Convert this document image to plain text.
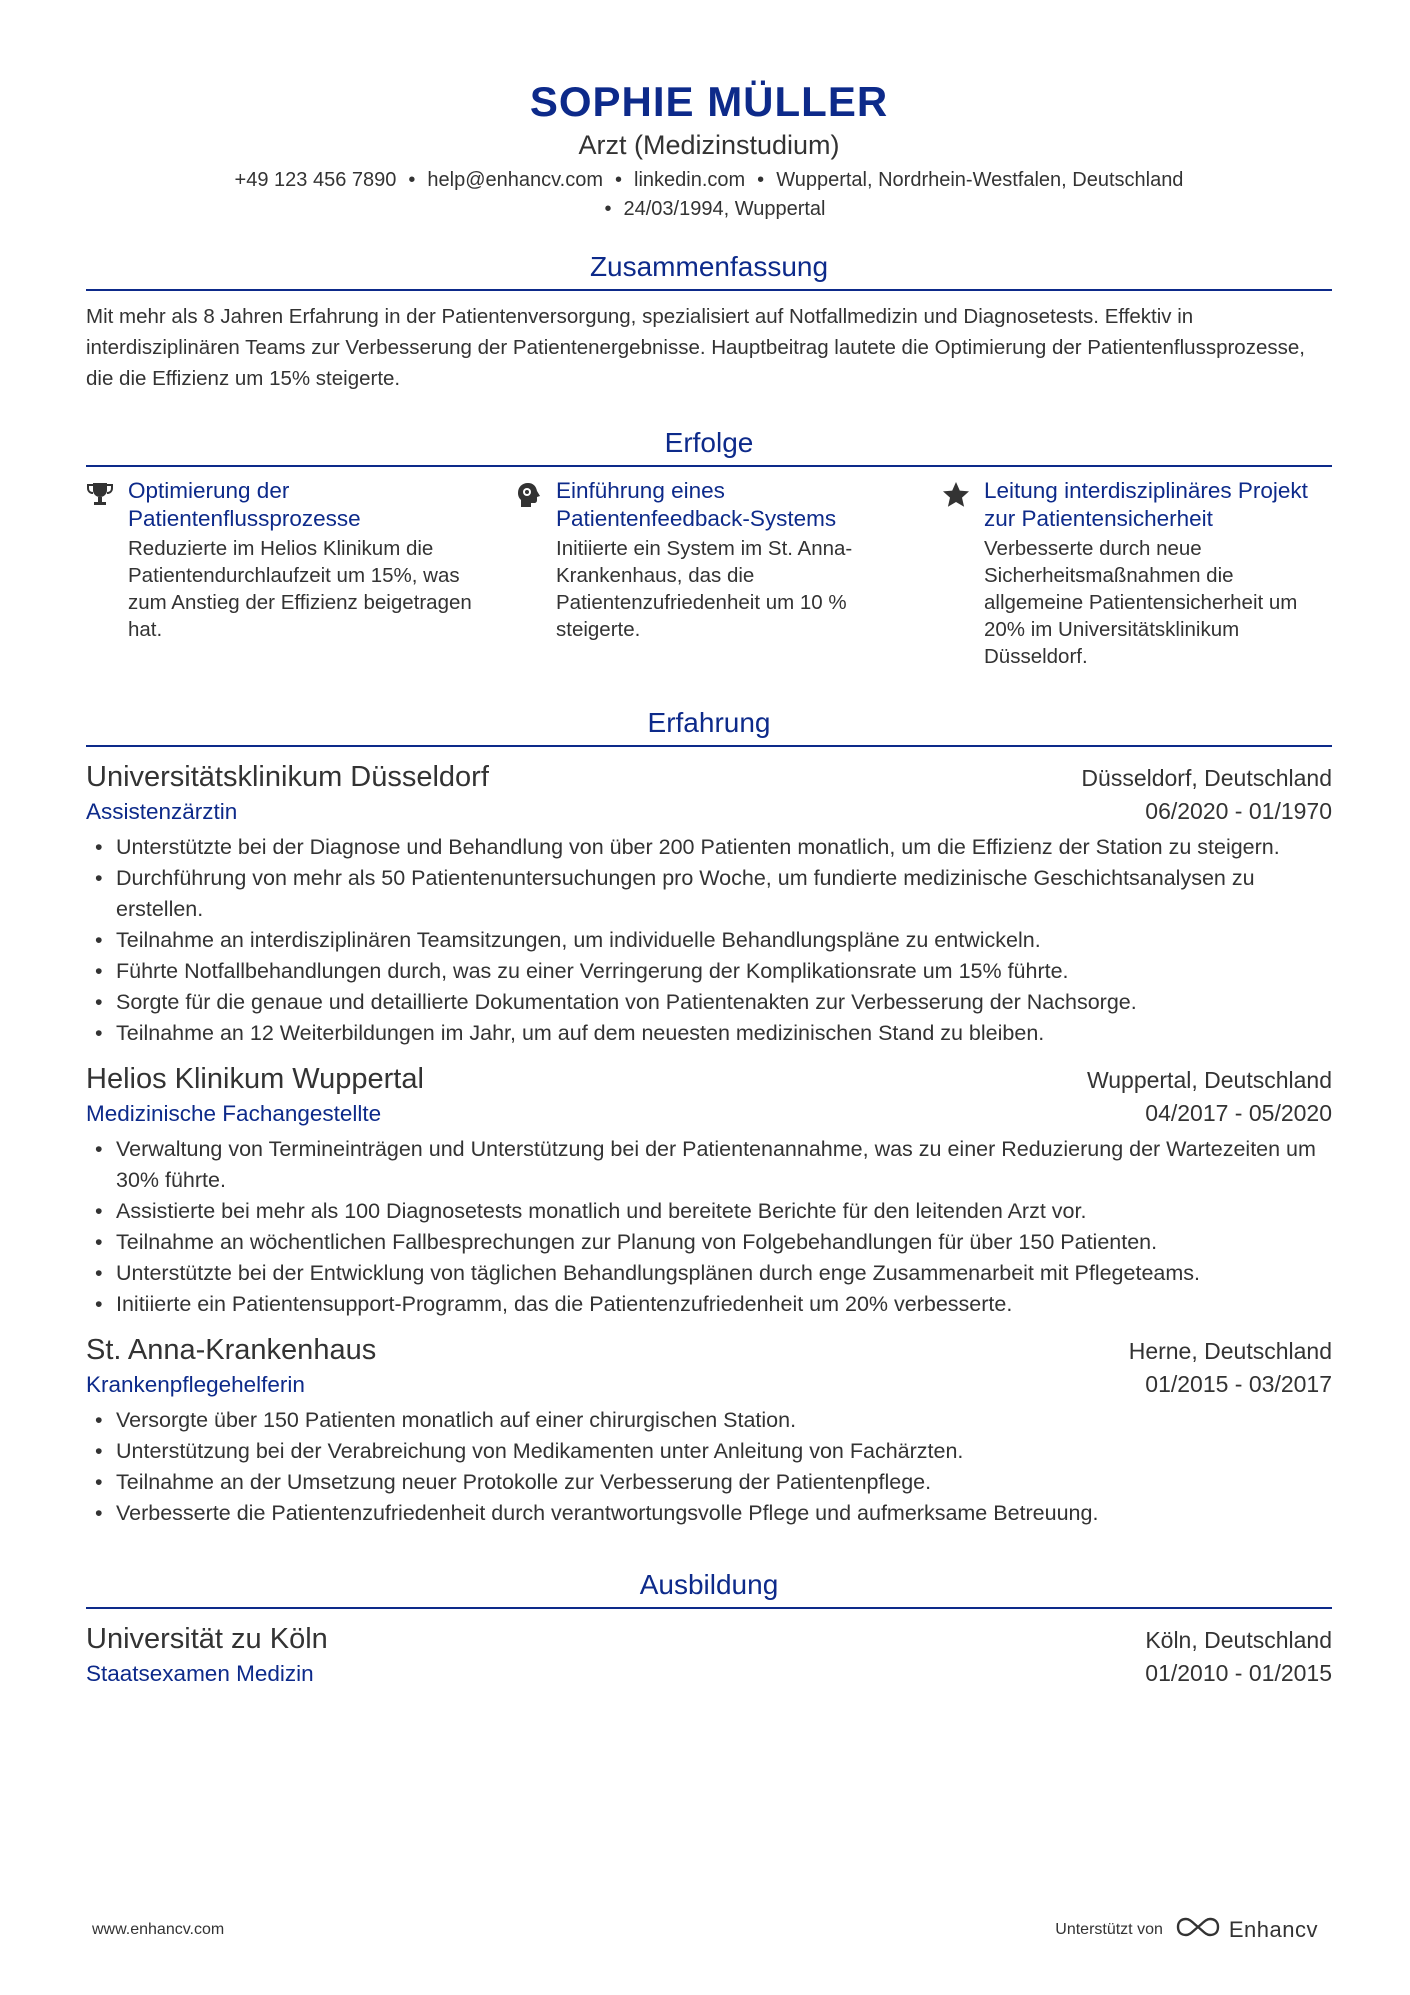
SOPHIE MÜLLER
Arzt (Medizinstudium)
+49 123 456 7890 • help@enhancv.com • linkedin.com • Wuppertal, Nordrhein-Westfalen, Deutschland
• 24/03/1994, Wuppertal
Zusammenfassung
Mit mehr als 8 Jahren Erfahrung in der Patientenversorgung, spezialisiert auf Notfallmedizin und Diagnosetests. Effektiv in interdisziplinären Teams zur Verbesserung der Patientenergebnisse. Hauptbeitrag lautete die Optimierung der Patientenflussprozesse, die die Effizienz um 15% steigerte.
Erfolge
Optimierung der Patientenflussprozesse
Reduzierte im Helios Klinikum die Patientendurchlaufzeit um 15%, was zum Anstieg der Effizienz beigetragen hat.
Einführung eines Patientenfeedback-Systems
Initiierte ein System im St. Anna-Krankenhaus, das die Patientenzufriedenheit um 10 % steigerte.
Leitung interdisziplinäres Projekt zur Patientensicherheit
Verbesserte durch neue Sicherheitsmaßnahmen die allgemeine Patientensicherheit um 20% im Universitätsklinikum Düsseldorf.
Erfahrung
Universitätsklinikum Düsseldorf	Düsseldorf, Deutschland
Assistenzärztin	06/2020 - 01/1970
• Unterstützte bei der Diagnose und Behandlung von über 200 Patienten monatlich, um die Effizienz der Station zu steigern.
• Durchführung von mehr als 50 Patientenuntersuchungen pro Woche, um fundierte medizinische Geschichtsanalysen zu erstellen.
• Teilnahme an interdisziplinären Teamsitzungen, um individuelle Behandlungspläne zu entwickeln.
• Führte Notfallbehandlungen durch, was zu einer Verringerung der Komplikationsrate um 15% führte.
• Sorgte für die genaue und detaillierte Dokumentation von Patientenakten zur Verbesserung der Nachsorge.
• Teilnahme an 12 Weiterbildungen im Jahr, um auf dem neuesten medizinischen Stand zu bleiben.
Helios Klinikum Wuppertal	Wuppertal, Deutschland
Medizinische Fachangestellte	04/2017 - 05/2020
• Verwaltung von Termineinträgen und Unterstützung bei der Patientenannahme, was zu einer Reduzierung der Wartezeiten um 30% führte.
• Assistierte bei mehr als 100 Diagnosetests monatlich und bereitete Berichte für den leitenden Arzt vor.
• Teilnahme an wöchentlichen Fallbesprechungen zur Planung von Folgebehandlungen für über 150 Patienten.
• Unterstützte bei der Entwicklung von täglichen Behandlungsplänen durch enge Zusammenarbeit mit Pflegeteams.
• Initiierte ein Patientensupport-Programm, das die Patientenzufriedenheit um 20% verbesserte.
St. Anna-Krankenhaus	Herne, Deutschland
Krankenpflegehelferin	01/2015 - 03/2017
• Versorgte über 150 Patienten monatlich auf einer chirurgischen Station.
• Unterstützung bei der Verabreichung von Medikamenten unter Anleitung von Fachärzten.
• Teilnahme an der Umsetzung neuer Protokolle zur Verbesserung der Patientenpflege.
• Verbesserte die Patientenzufriedenheit durch verantwortungsvolle Pflege und aufmerksame Betreuung.
Ausbildung
Universität zu Köln	Köln, Deutschland
Staatsexamen Medizin	01/2010 - 01/2015
www.enhancv.com	Unterstützt von	Enhancv
